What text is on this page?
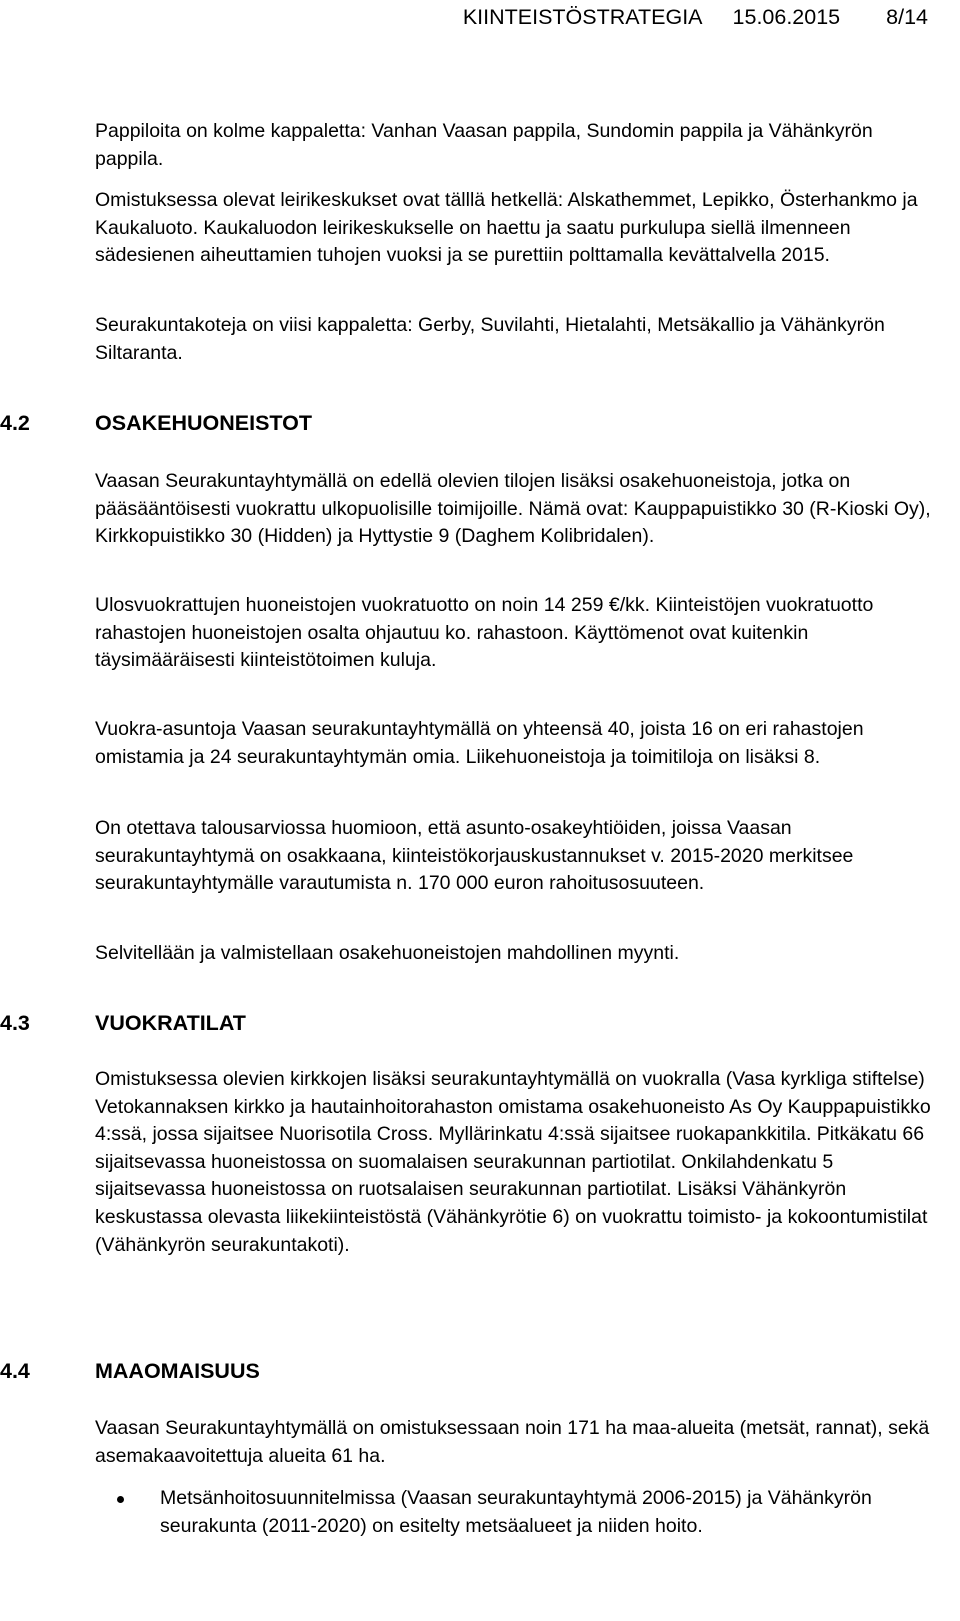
KIINTEISTÖSTRATEGIA 15.06.2015 8/14

Pappiloita on kolme kappaletta: Vanhan Vaasan pappila, Sundomin pappila ja Vähänkyrön pappila.

Omistuksessa olevat leirikeskukset ovat tälllä hetkellä: Alskathemmet, Lepikko, Österhankmo ja Kaukaluoto. Kaukaluodon leirikeskukselle on haettu ja saatu purkulupa siellä ilmenneen sädesienen aiheuttamien tuhojen vuoksi ja se purettiin polttamalla kevättalvella 2015.

Seurakuntakoteja on viisi kappaletta: Gerby, Suvilahti, Hietalahti, Metsäkallio ja Vähänkyrön Siltaranta.

4.2	OSAKEHUONEISTOT

Vaasan Seurakuntayhtymällä on edellä olevien tilojen lisäksi osakehuoneistoja, jotka on pääsääntöisesti vuokrattu ulkopuolisille toimijoille. Nämä ovat: Kauppapuistikko 30 (R-Kioski Oy), Kirkkopuistikko 30 (Hidden) ja Hyttystie 9 (Daghem Kolibridalen).

Ulosvuokrattujen huoneistojen vuokratuotto on noin 14 259 €/kk. Kiinteistöjen vuokratuotto rahastojen huoneistojen osalta ohjautuu ko. rahastoon. Käyttömenot ovat kuitenkin täysimääräisesti kiinteistötoimen kuluja.

Vuokra-asuntoja Vaasan seurakuntayhtymällä on yhteensä 40, joista 16 on eri rahastojen omistamia ja 24 seurakuntayhtymän omia. Liikehuoneistoja ja toimitiloja on lisäksi 8.

On otettava talousarviossa huomioon, että asunto-osakeyhtiöiden, joissa Vaasan seurakuntayhtymä on osakkaana, kiinteistökorjauskustannukset v. 2015-2020 merkitsee seurakuntayhtymälle varautumista n. 170 000 euron rahoitusosuuteen.

Selvitellään ja valmistellaan osakehuoneistojen mahdollinen myynti.

4.3	VUOKRATILAT

Omistuksessa olevien kirkkojen lisäksi seurakuntayhtymällä on vuokralla (Vasa kyrkliga stiftelse) Vetokannaksen kirkko ja hautainhoitorahaston omistama osakehuoneisto As Oy Kauppapuistikko 4:ssä, jossa sijaitsee Nuorisotila Cross. Myllärinkatu 4:ssä sijaitsee ruokapankkitila. Pitkäkatu 66 sijaitsevassa huoneistossa on suomalaisen seurakunnan partiotilat. Onkilahdenkatu 5 sijaitsevassa huoneistossa on ruotsalaisen seurakunnan partiotilat. Lisäksi Vähänkyrön keskustassa olevasta liikekiinteistöstä (Vähänkyrötie 6) on vuokrattu toimisto- ja kokoontumistilat (Vähänkyrön seurakuntakoti).

4.4	MAAOMAISUUS

Vaasan Seurakuntayhtymällä on omistuksessaan noin 171 ha maa-alueita (metsät, rannat), sekä asemakaavoitettuja alueita 61 ha.

Metsänhoitosuunnitelmissa (Vaasan seurakuntayhtymä 2006-2015) ja Vähänkyrön seurakunta (2011-2020) on esitelty metsäalueet ja niiden hoito.
